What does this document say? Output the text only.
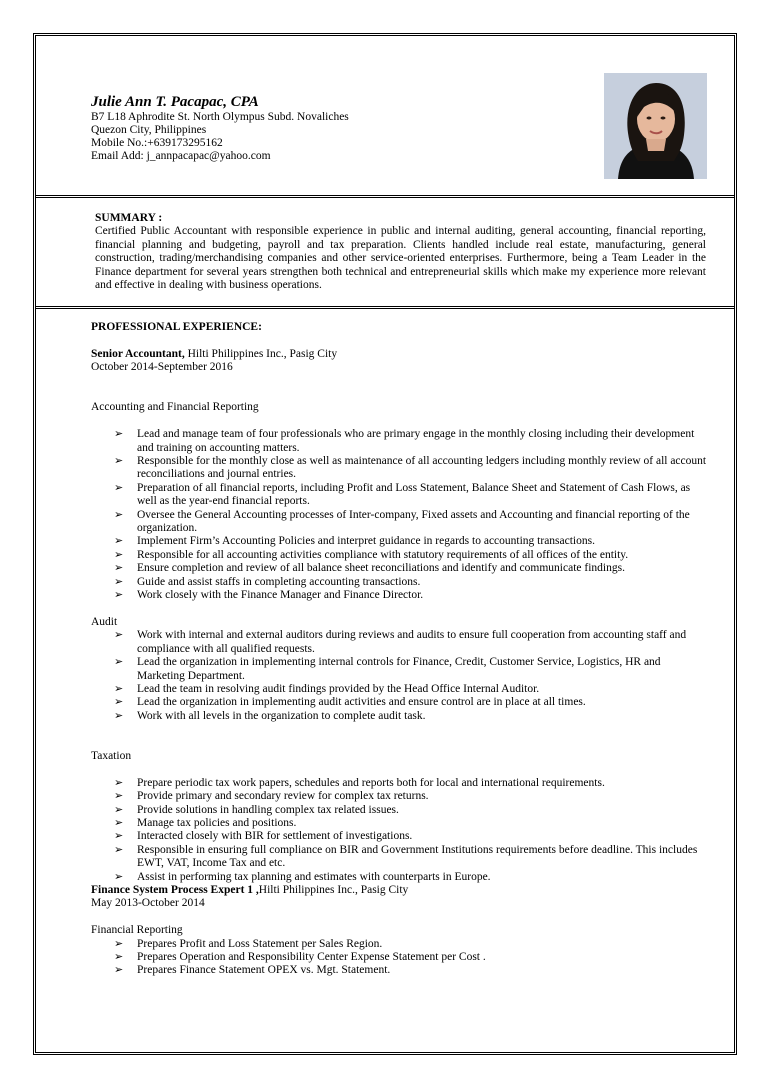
Julie Ann T. Pacapac, CPA
B7 L18 Aphrodite St. North Olympus Subd. Novaliches
Quezon City, Philippines
Mobile No.:+639173295162
Email Add: j_annpacapac@yahoo.com
SUMMARY :
Certified Public Accountant with responsible experience in public and internal auditing, general accounting, financial reporting, financial planning and budgeting, payroll and tax preparation. Clients handled include real estate, manufacturing, general construction, trading/merchandising companies and other service-oriented enterprises. Furthermore, being a Team Leader in the Finance department for several years strengthen both technical and entrepreneurial skills which make my experience more relevant and effective in dealing with business operations.
PROFESSIONAL EXPERIENCE:
Senior Accountant, Hilti Philippines Inc., Pasig City
October 2014-September 2016
Accounting and Financial Reporting
➢ Lead and manage team of four professionals who are primary engage in the monthly closing including their development and training on accounting matters.
➢ Responsible for the monthly close as well as maintenance of all accounting ledgers including monthly review of all account reconciliations and journal entries.
➢ Preparation of all financial reports, including Profit and Loss Statement, Balance Sheet and Statement of Cash Flows, as well as the year-end financial reports.
➢ Oversee the General Accounting processes of Inter-company, Fixed assets and Accounting and financial reporting of the organization.
➢ Implement Firm’s Accounting Policies and interpret guidance in regards to accounting transactions.
➢ Responsible for all accounting activities compliance with statutory requirements of all offices of the entity.
➢ Ensure completion and review of all balance sheet reconciliations and identify and communicate findings.
➢ Guide and assist staffs in completing accounting transactions.
➢ Work closely with the Finance Manager and Finance Director.
Audit
➢ Work with internal and external auditors during reviews and audits to ensure full cooperation from accounting staff and compliance with all qualified requests.
➢ Lead the organization in implementing internal controls for Finance, Credit, Customer Service, Logistics, HR and Marketing Department.
➢ Lead the team in resolving audit findings provided by the Head Office Internal Auditor.
➢ Lead the organization in implementing audit activities and ensure control are in place at all times.
➢ Work with all levels in the organization to complete audit task.
Taxation
➢ Prepare periodic tax work papers, schedules and reports both for local and international requirements.
➢ Provide primary and secondary review for complex tax returns.
➢ Provide solutions in handling complex tax related issues.
➢ Manage tax policies and positions.
➢ Interacted closely with BIR for settlement of investigations.
➢ Responsible in ensuring full compliance on BIR and Government Institutions requirements before deadline. This includes EWT, VAT, Income Tax and etc.
➢ Assist in performing tax planning and estimates with counterparts in Europe.
Finance System Process Expert 1 ,Hilti Philippines Inc., Pasig City
May 2013-October 2014
Financial Reporting
➢ Prepares Profit and Loss Statement per Sales Region.
➢ Prepares Operation and Responsibility Center Expense Statement per Cost .
➢ Prepares Finance Statement OPEX vs. Mgt. Statement.
